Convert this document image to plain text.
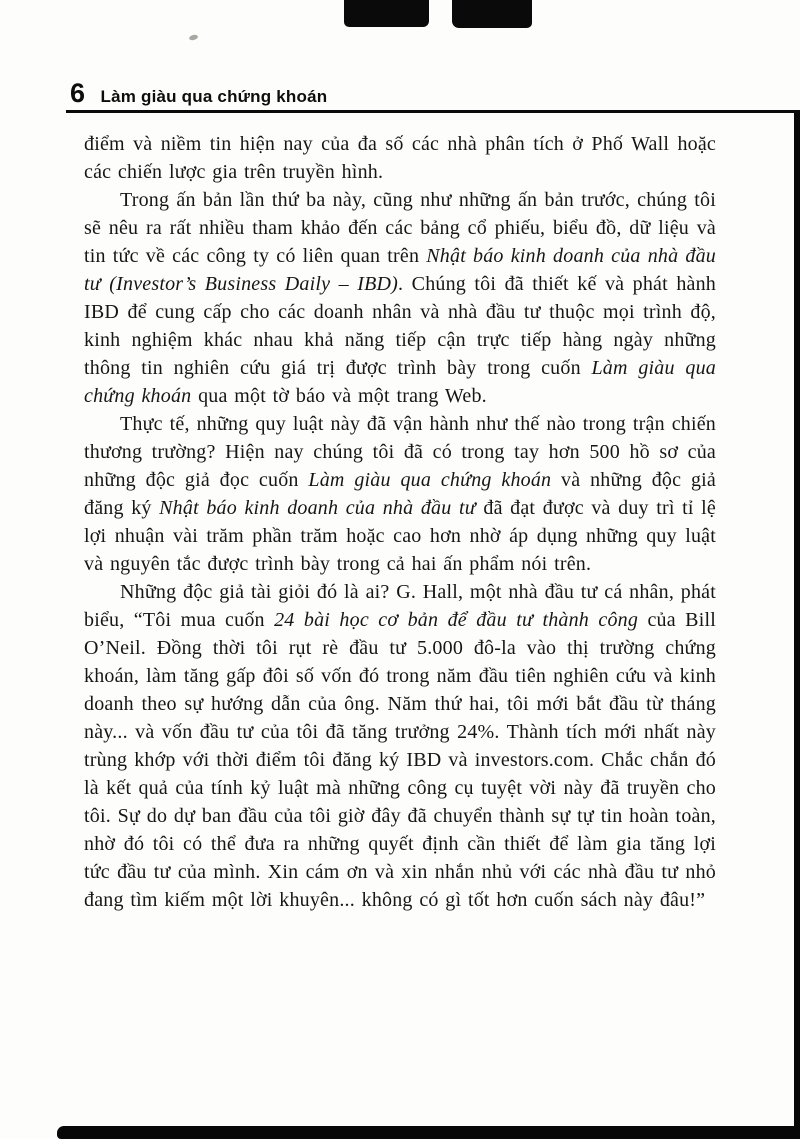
6 Làm giàu qua chứng khoán

điểm và niềm tin hiện nay của đa số các nhà phân tích ở Phố Wall hoặc các chiến lược gia trên truyền hình.

Trong ấn bản lần thứ ba này, cũng như những ấn bản trước, chúng tôi sẽ nêu ra rất nhiều tham khảo đến các bảng cổ phiếu, biểu đồ, dữ liệu và tin tức về các công ty có liên quan trên Nhật báo kinh doanh của nhà đầu tư (Investor’s Business Daily – IBD). Chúng tôi đã thiết kế và phát hành IBD để cung cấp cho các doanh nhân và nhà đầu tư thuộc mọi trình độ, kinh nghiệm khác nhau khả năng tiếp cận trực tiếp hàng ngày những thông tin nghiên cứu giá trị được trình bày trong cuốn Làm giàu qua chứng khoán qua một tờ báo và một trang Web.

Thực tế, những quy luật này đã vận hành như thế nào trong trận chiến thương trường? Hiện nay chúng tôi đã có trong tay hơn 500 hồ sơ của những độc giả đọc cuốn Làm giàu qua chứng khoán và những độc giả đăng ký Nhật báo kinh doanh của nhà đầu tư đã đạt được và duy trì tỉ lệ lợi nhuận vài trăm phần trăm hoặc cao hơn nhờ áp dụng những quy luật và nguyên tắc được trình bày trong cả hai ấn phẩm nói trên.

Những độc giả tài giỏi đó là ai? G. Hall, một nhà đầu tư cá nhân, phát biểu, “Tôi mua cuốn 24 bài học cơ bản để đầu tư thành công của Bill O’Neil. Đồng thời tôi rụt rè đầu tư 5.000 đô-la vào thị trường chứng khoán, làm tăng gấp đôi số vốn đó trong năm đầu tiên nghiên cứu và kinh doanh theo sự hướng dẫn của ông. Năm thứ hai, tôi mới bắt đầu từ tháng này... và vốn đầu tư của tôi đã tăng trưởng 24%. Thành tích mới nhất này trùng khớp với thời điểm tôi đăng ký IBD và investors.com. Chắc chắn đó là kết quả của tính kỷ luật mà những công cụ tuyệt vời này đã truyền cho tôi. Sự do dự ban đầu của tôi giờ đây đã chuyển thành sự tự tin hoàn toàn, nhờ đó tôi có thể đưa ra những quyết định cần thiết để làm gia tăng lợi tức đầu tư của mình. Xin cám ơn và xin nhắn nhủ với các nhà đầu tư nhỏ đang tìm kiếm một lời khuyên... không có gì tốt hơn cuốn sách này đâu!”
